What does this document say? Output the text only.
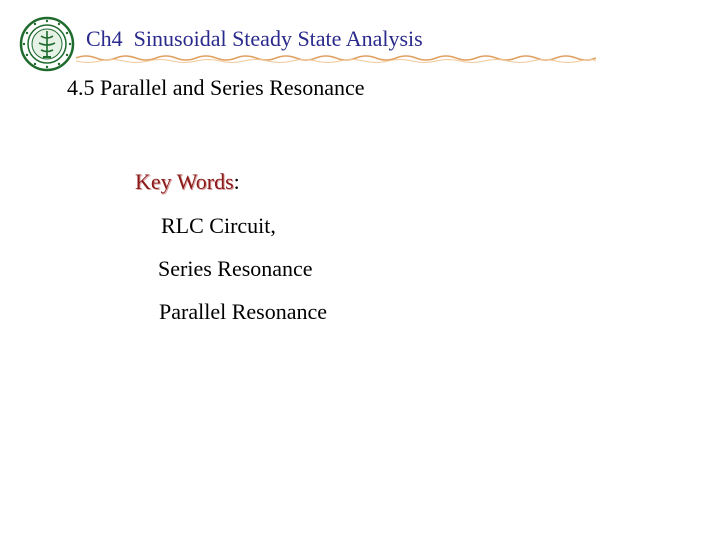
Ch4  Sinusoidal Steady State Analysis
4.5 Parallel and Series Resonance
Key Words:
RLC Circuit,
Series Resonance
Parallel Resonance
